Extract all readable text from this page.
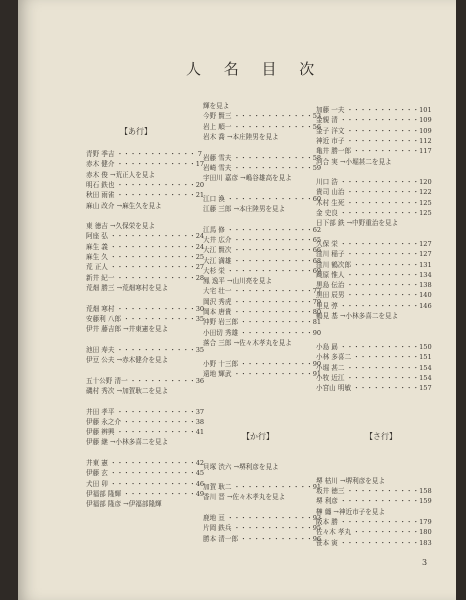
人 名 目 次
【あ行】
【か行】	【さ行】
青野 季吉 ・・・・・・・・・・・・ 7
赤木 健介 ・・・・・・・・・・・・17
赤木 俊 →荒正人を見よ
明石 鉄也 ・・・・・・・・・・・・20
秋田 雨雀 ・・・・・・・・・・・・21
麻山 改介 →麻生久を見よ
東 徳吉 →久保栄を見よ
阿座 弘 ・・・・・・・・・・・・・24
麻生 義 ・・・・・・・・・・・・・24
麻生 久 ・・・・・・・・・・・・・25
荒 正人 ・・・・・・・・・・・・・27
新井 紀一 ・・・・・・・・・・・・28
荒畑 勝三 →荒畑寒村を見よ
荒畑 寒村 ・・・・・・・・・・・・30
安藤利 八郎 ・・・・・・・・・・・35
伊井 藤吉郎 →井東憲を見よ
池田 寿夫 ・・・・・・・・・・・・35
伊豆 公夫 →赤木健介を見よ
五十公野 清一 ・・・・・・・・・・36
磯村 秀次 →加賀耿二を見よ
井田 孝平 ・・・・・・・・・・・・37
伊藤 永之介 ・・・・・・・・・・・38
伊藤 辨興 ・・・・・・・・・・・・41
伊藤 継 →小林多喜二を見よ
井東 憲 ・・・・・・・・・・・・・42
伊藤 玄 ・・・・・・・・・・・・・45
犬田 卯 ・・・・・・・・・・・・・46
伊福部 隆輝 ・・・・・・・・・・・49
伊福部 隆彦 →伊福部隆輝
輝を見よ
今野 賢三 ・・・・・・・・・・・・53
岩上 順一 ・・・・・・・・・・・・56
岩木 喬 →本庄陸男を見よ
岩藤 雪夫 ・・・・・・・・・・・・58
岩崎 雪夫 ・・・・・・・・・・・・59
宇田川 嘉彦 →嶋谷雄高を見よ
江口 渙 ・・・・・・・・・・・・・60
江藤 三郎 →本庄陸男を見よ
江馬 修 ・・・・・・・・・・・・・62
大井 広介 ・・・・・・・・・・・・65
大江 賢次 ・・・・・・・・・・・・66
大江 満雄 ・・・・・・・・・・・・68
大杉 栄 ・・・・・・・・・・・・・69
鳳 逸平 →山川亮を見よ
大宅 壮一 ・・・・・・・・・・・・77
岡沢 秀虎 ・・・・・・・・・・・・79
岡本 唐貴 ・・・・・・・・・・・・80
沖野 岩三郎 ・・・・・・・・・・・81
小田切 秀雄 ・・・・・・・・・・・90
落合 三郎 →佐々木孝丸を見よ
小野 十三郎 ・・・・・・・・・・・90
遠地 輝武 ・・・・・・・・・・・・91
貝塚 渋六 →堺利彦を見よ
加賀 耿二 ・・・・・・・・・・・・91
香川 晋 →佐々木孝丸を見よ
鹿地 亘 ・・・・・・・・・・・・・93
片岡 鉄兵 ・・・・・・・・・・・・95
勝本 清一郎 ・・・・・・・・・・・96
加藤 一夫 ・・・・・・・・・・・101
金親 清 ・・・・・・・・・・・・109
金子 洋文 ・・・・・・・・・・・109
神近 市子 ・・・・・・・・・・・112
亀井 勝一郎 ・・・・・・・・・・117
河合 実 →小堀甚二を見よ
川口 浩 ・・・・・・・・・・・・120
貴司 山治 ・・・・・・・・・・・122
木村 生死 ・・・・・・・・・・・125
金 史良 ・・・・・・・・・・・・125
日下部 鉄 →中野重治を見よ
久保 栄 ・・・・・・・・・・・・127
窪川 稲子 ・・・・・・・・・・・127
窪川 鶴次郎 ・・・・・・・・・・131
蔵原 惟人 ・・・・・・・・・・・134
黒島 伝治 ・・・・・・・・・・・138
黒田 辰男 ・・・・・・・・・・・140
里見 弴 ・・・・・・・・・・・・146
鶴見 基 →小林多喜二を見よ
小島 勗 ・・・・・・・・・・・・150
小林 多喜二 ・・・・・・・・・・151
小堀 甚二 ・・・・・・・・・・・154
小牧 近江 ・・・・・・・・・・・154
小宮山 明敏 ・・・・・・・・・・157
堺 枯川 →堺利彦を見よ
坂井 徳三 ・・・・・・・・・・・158
堺 利彦 ・・・・・・・・・・・・159
榊 纏 →神近市子を見よ
阪本 勝 ・・・・・・・・・・・・179
佐々木 孝丸 ・・・・・・・・・・180
笹本 寅 ・・・・・・・・・・・・183
3
